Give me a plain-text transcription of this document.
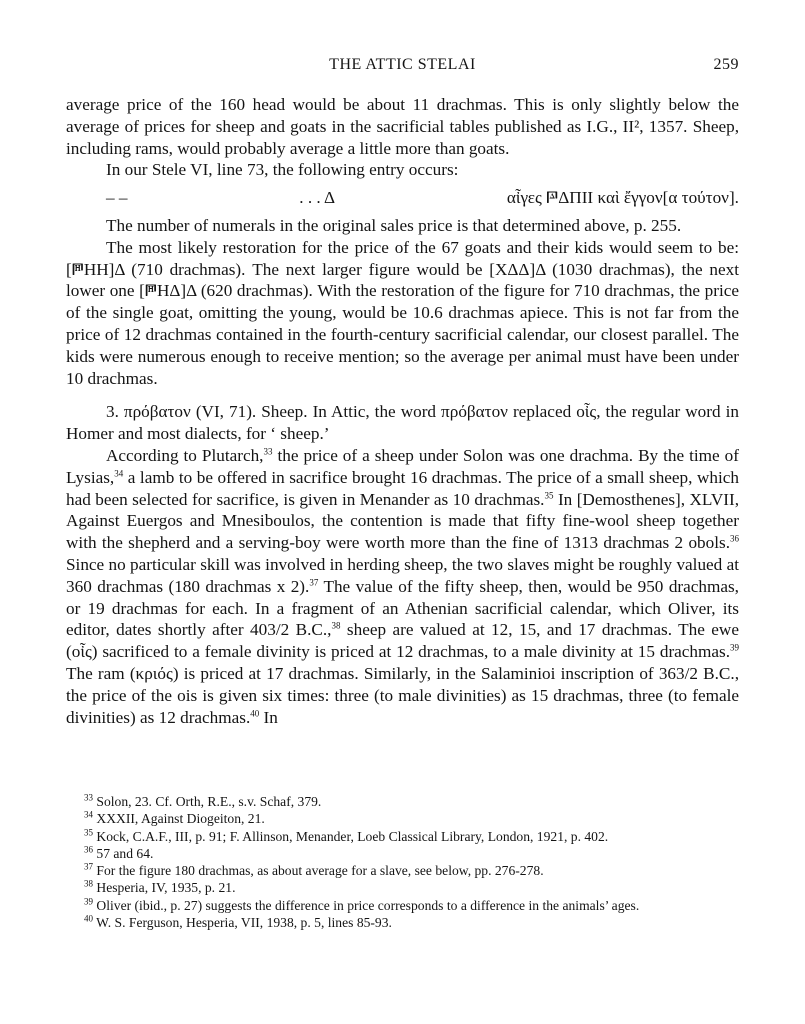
THE ATTIC STELAI	259

average price of the 160 head would be about 11 drachmas. This is only slightly below the average of prices for sheep and goats in the sacrificial tables published as I.G., II², 1357. Sheep, including rams, would probably average a little more than goats.

In our Stele VI, line 73, the following entry occurs:

– –	. . . Δ	αἶγες 𐅄ΔΠΙΙ καὶ ἔγγον[α τούτον].

The number of numerals in the original sales price is that determined above, p. 255.

The most likely restoration for the price of the 67 goats and their kids would seem to be: [𐅅HH]Δ (710 drachmas). The next larger figure would be [ΧΔΔ]Δ (1030 drachmas), the next lower one [𐅅HΔ]Δ (620 drachmas). With the restoration of the figure for 710 drachmas, the price of the single goat, omitting the young, would be 10.6 drachmas apiece. This is not far from the price of 12 drachmas contained in the fourth-century sacrificial calendar, our closest parallel. The kids were numerous enough to receive mention; so the average per animal must have been under 10 drachmas.

3. πρόβατον (VI, 71). Sheep. In Attic, the word πρόβατον replaced οἶς, the regular word in Homer and most dialects, for ‘ sheep.’

According to Plutarch,$^{33}$ the price of a sheep under Solon was one drachma. By the time of Lysias,$^{34}$ a lamb to be offered in sacrifice brought 16 drachmas. The price of a small sheep, which had been selected for sacrifice, is given in Menander as 10 drachmas.$^{35}$ In [Demosthenes], XLVII, Against Euergos and Mnesiboulos, the contention is made that fifty fine-wool sheep together with the shepherd and a serving-boy were worth more than the fine of 1313 drachmas 2 obols.$^{36}$ Since no particular skill was involved in herding sheep, the two slaves might be roughly valued at 360 drachmas (180 drachmas x 2).$^{37}$ The value of the fifty sheep, then, would be 950 drachmas, or 19 drachmas for each. In a fragment of an Athenian sacrificial calendar, which Oliver, its editor, dates shortly after 403/2 B.C.,$^{38}$ sheep are valued at 12, 15, and 17 drachmas. The ewe (οἶς) sacrificed to a female divinity is priced at 12 drachmas, to a male divinity at 15 drachmas.$^{39}$ The ram (κριός) is priced at 17 drachmas. Similarly, in the Salaminioi inscription of 363/2 B.C., the price of the ois is given six times: three (to male divinities) as 15 drachmas, three (to female divinities) as 12 drachmas.$^{40}$ In

$^{33}$ Solon, 23. Cf. Orth, R.E., s.v. Schaf, 379.

$^{34}$ XXXII, Against Diogeiton, 21.

$^{35}$ Kock, C.A.F., III, p. 91; F. Allinson, Menander, Loeb Classical Library, London, 1921, p. 402.

$^{36}$ 57 and 64.

$^{37}$ For the figure 180 drachmas, as about average for a slave, see below, pp. 276-278.

$^{38}$ Hesperia, IV, 1935, p. 21.

$^{39}$ Oliver (ibid., p. 27) suggests the difference in price corresponds to a difference in the animals’ ages.

$^{40}$ W. S. Ferguson, Hesperia, VII, 1938, p. 5, lines 85-93.
